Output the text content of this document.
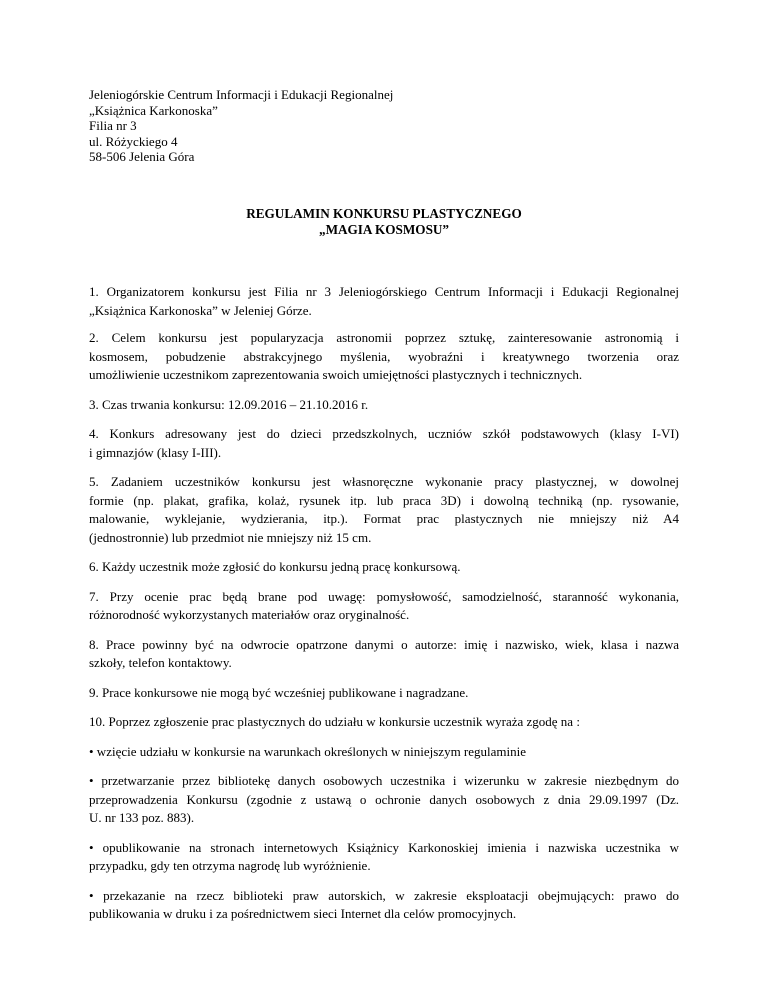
Jeleniogórskie Centrum Informacji i Edukacji Regionalnej
„Książnica Karkonoska”
Filia nr 3
ul. Różyckiego 4
58-506 Jelenia Góra
REGULAMIN KONKURSU PLASTYCZNEGO
„MAGIA KOSMOSU”
1. Organizatorem konkursu jest Filia nr 3 Jeleniogórskiego Centrum Informacji i Edukacji Regionalnej
„Książnica Karkonoska” w Jeleniej Górze.
2. Celem konkursu jest popularyzacja astronomii poprzez sztukę, zainteresowanie astronomią i
kosmosem, pobudzenie abstrakcyjnego myślenia, wyobraźni i kreatywnego tworzenia oraz
umożliwienie uczestnikom zaprezentowania swoich umiejętności plastycznych i technicznych.
3. Czas trwania konkursu: 12.09.2016 – 21.10.2016 r.
4. Konkurs adresowany jest do dzieci przedszkolnych, uczniów szkół podstawowych (klasy I-VI)
i gimnazjów (klasy I-III).
5. Zadaniem uczestników konkursu jest własnoręczne wykonanie pracy plastycznej, w dowolnej
formie (np. plakat, grafika, kolaż, rysunek itp. lub praca 3D) i dowolną techniką (np. rysowanie,
malowanie, wyklejanie, wydzierania, itp.). Format prac plastycznych nie mniejszy niż A4
(jednostronnie) lub przedmiot nie mniejszy niż 15 cm.
6. Każdy uczestnik może zgłosić do konkursu jedną pracę konkursową.
7. Przy ocenie prac będą brane pod uwagę: pomysłowość, samodzielność, staranność wykonania,
różnorodność wykorzystanych materiałów oraz oryginalność.
8. Prace powinny być na odwrocie opatrzone danymi o autorze: imię i nazwisko, wiek, klasa i nazwa
szkoły, telefon kontaktowy.
9. Prace konkursowe nie mogą być wcześniej publikowane i nagradzane.
10. Poprzez zgłoszenie prac plastycznych do udziału w konkursie uczestnik wyraża zgodę na :
• wzięcie udziału w konkursie na warunkach określonych w niniejszym regulaminie
• przetwarzanie przez bibliotekę danych osobowych uczestnika i wizerunku w zakresie niezbędnym do
przeprowadzenia Konkursu (zgodnie z ustawą o ochronie danych osobowych z dnia 29.09.1997 (Dz.
U. nr 133 poz. 883).
• opublikowanie na stronach internetowych Książnicy Karkonoskiej imienia i nazwiska uczestnika w
przypadku, gdy ten otrzyma nagrodę lub wyróżnienie.
• przekazanie na rzecz biblioteki praw autorskich, w zakresie eksploatacji obejmujących: prawo do
publikowania w druku i za pośrednictwem sieci Internet dla celów promocyjnych.
